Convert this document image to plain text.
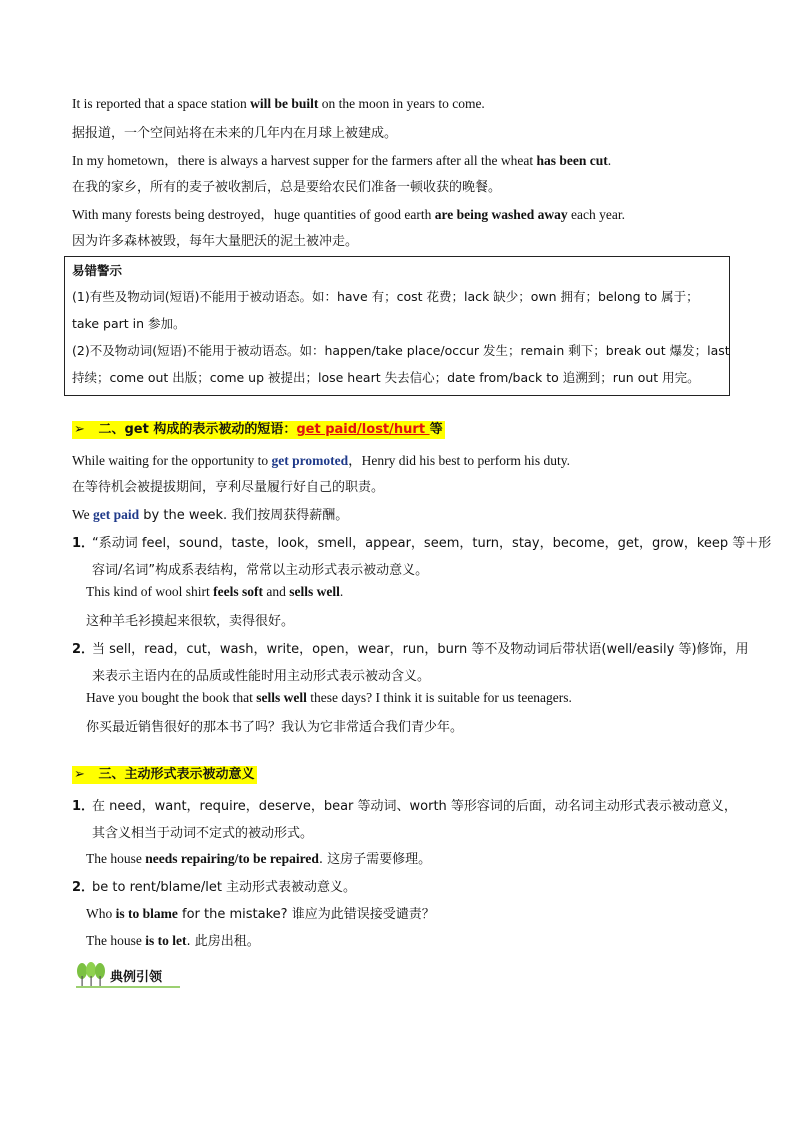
It is reported that a space station will be built on the moon in years to come.
据报道，一个空间站将在未来的几年内在月球上被建成。
In my hometown，there is always a harvest supper for the farmers after all the wheat has been cut.
在我的家乡，所有的麦子被收割后，总是要给农民们准备一顿收获的晚餐。
With many forests being destroyed，huge quantities of good earth are being washed away each year.
因为许多森林被毁，每年大量肥沃的泥土被冲走。
易错警示
(1)有些及物动词(短语)不能用于被动语态。如：have 有；cost 花费；lack 缺少；own 拥有；belong to 属于；
take part in 参加。
(2)不及物动词(短语)不能用于被动语态。如：happen/take place/occur 发生；remain 剩下；break out 爆发；last
持续；come out 出版；come up 被提出；lose heart 失去信心；date from/back to 追溯到；run out 用完。
➢ 二、get 构成的表示被动的短语：get paid/lost/hurt 等
While waiting for the opportunity to get promoted，Henry did his best to perform his duty.
在等待机会被提拔期间，亨利尽量履行好自己的职责。
We get paid by the week. 我们按周获得薪酬。
1．
“系动词 feel，sound，taste，look，smell，appear，seem，turn，stay，become，get，grow，keep 等＋形
容词/名词”构成系表结构，常常以主动形式表示被动意义。
This kind of wool shirt feels soft and sells well.
这种羊毛衫摸起来很软，卖得很好。
2．
当 sell，read，cut，wash，write，open，wear，run，burn 等不及物动词后带状语(well/easily 等)修饰，用
来表示主语内在的品质或性能时用主动形式表示被动含义。
Have you bought the book that sells well these days? I think it is suitable for us teenagers.
你买最近销售很好的那本书了吗？我认为它非常适合我们青少年。
➢ 三、主动形式表示被动意义
1．
在 need，want，require，deserve，bear 等动词、worth 等形容词的后面，动名词主动形式表示被动意义，
其含义相当于动词不定式的被动形式。
The house needs repairing/to be repaired. 这房子需要修理。
2．
be to rent/blame/let 主动形式表被动意义。
Who is to blame for the mistake? 谁应为此错误接受谴责？
The house is to let. 此房出租。
典例引领
